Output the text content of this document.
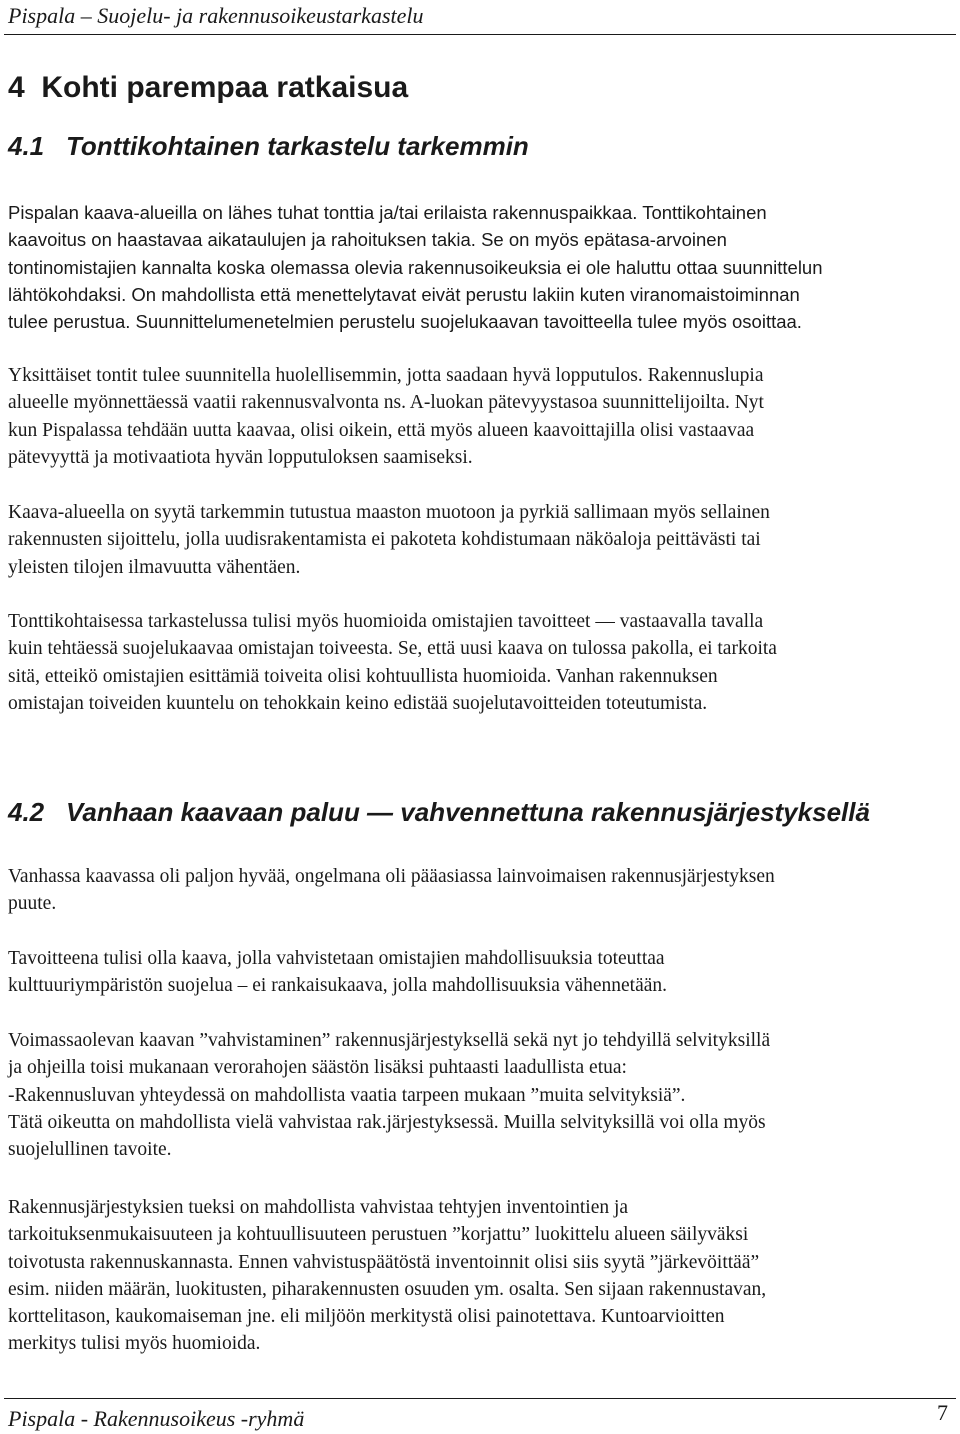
Pispala – Suojelu- ja rakennusoikeustarkastelu
4 Kohti parempaa ratkaisua
4.1 Tonttikohtainen tarkastelu tarkemmin

Pispalan kaava-alueilla on lähes tuhat tonttia ja/tai erilaista rakennuspaikkaa. Tonttikohtainen
kaavoitus on haastavaa aikataulujen ja rahoituksen takia. Se on myös epätasa-arvoinen
tontinomistajien kannalta koska olemassa olevia rakennusoikeuksia ei ole haluttu ottaa suunnittelun
lähtökohdaksi. On mahdollista että menettelytavat eivät perustu lakiin kuten viranomaistoiminnan
tulee perustua. Suunnittelumenetelmien perustelu suojelukaavan tavoitteella tulee myös osoittaa.

Yksittäiset tontit tulee suunnitella huolellisemmin, jotta saadaan hyvä lopputulos. Rakennuslupia
alueelle myönnettäessä vaatii rakennusvalvonta ns. A-luokan pätevyystasoa suunnittelijoilta. Nyt
kun Pispalassa tehdään uutta kaavaa, olisi oikein, että myös alueen kaavoittajilla olisi vastaavaa
pätevyyttä ja motivaatiota hyvän lopputuloksen saamiseksi.

Kaava-alueella on syytä tarkemmin tutustua maaston muotoon ja pyrkiä sallimaan myös sellainen
rakennusten sijoittelu, jolla uudisrakentamista ei pakoteta kohdistumaan näköaloja peittävästi tai
yleisten tilojen ilmavuutta vähentäen.

Tonttikohtaisessa tarkastelussa tulisi myös huomioida omistajien tavoitteet — vastaavalla tavalla
kuin tehtäessä suojelukaavaa omistajan toiveesta. Se, että uusi kaava on tulossa pakolla, ei tarkoita
sitä, etteikö omistajien esittämiä toiveita olisi kohtuullista huomioida. Vanhan rakennuksen
omistajan toiveiden kuuntelu on tehokkain keino edistää suojelutavoitteiden toteutumista.

4.2 Vanhaan kaavaan paluu — vahvennettuna rakennusjärjestyksellä

Vanhassa kaavassa oli paljon hyvää, ongelmana oli pääasiassa lainvoimaisen rakennusjärjestyksen
puute.

Tavoitteena tulisi olla kaava, jolla vahvistetaan omistajien mahdollisuuksia toteuttaa
kulttuuriympäristön suojelua – ei rankaisukaava, jolla mahdollisuuksia vähennetään.

Voimassaolevan kaavan ”vahvistaminen” rakennusjärjestyksellä sekä nyt jo tehdyillä selvityksillä
ja ohjeilla toisi mukanaan verorahojen säästön lisäksi puhtaasti laadullista etua:
-Rakennusluvan yhteydessä on mahdollista vaatia tarpeen mukaan ”muita selvityksiä”.
Tätä oikeutta on mahdollista vielä vahvistaa rak.järjestyksessä. Muilla selvityksillä voi olla myös
suojelullinen tavoite.

Rakennusjärjestyksien tueksi on mahdollista vahvistaa tehtyjen inventointien ja
tarkoituksenmukaisuuteen ja kohtuullisuuteen perustuen ”korjattu” luokittelu alueen säilyväksi
toivotusta rakennuskannasta. Ennen vahvistuspäätöstä inventoinnit olisi siis syytä ”järkevöittää”
esim. niiden määrän, luokitusten, piharakennusten osuuden ym. osalta. Sen sijaan rakennustavan,
korttelitason, kaukomaiseman jne. eli miljöön merkitystä olisi painotettava. Kuntoarvioitten
merkitys tulisi myös huomioida.

Pispala - Rakennusoikeus -ryhmä	7
